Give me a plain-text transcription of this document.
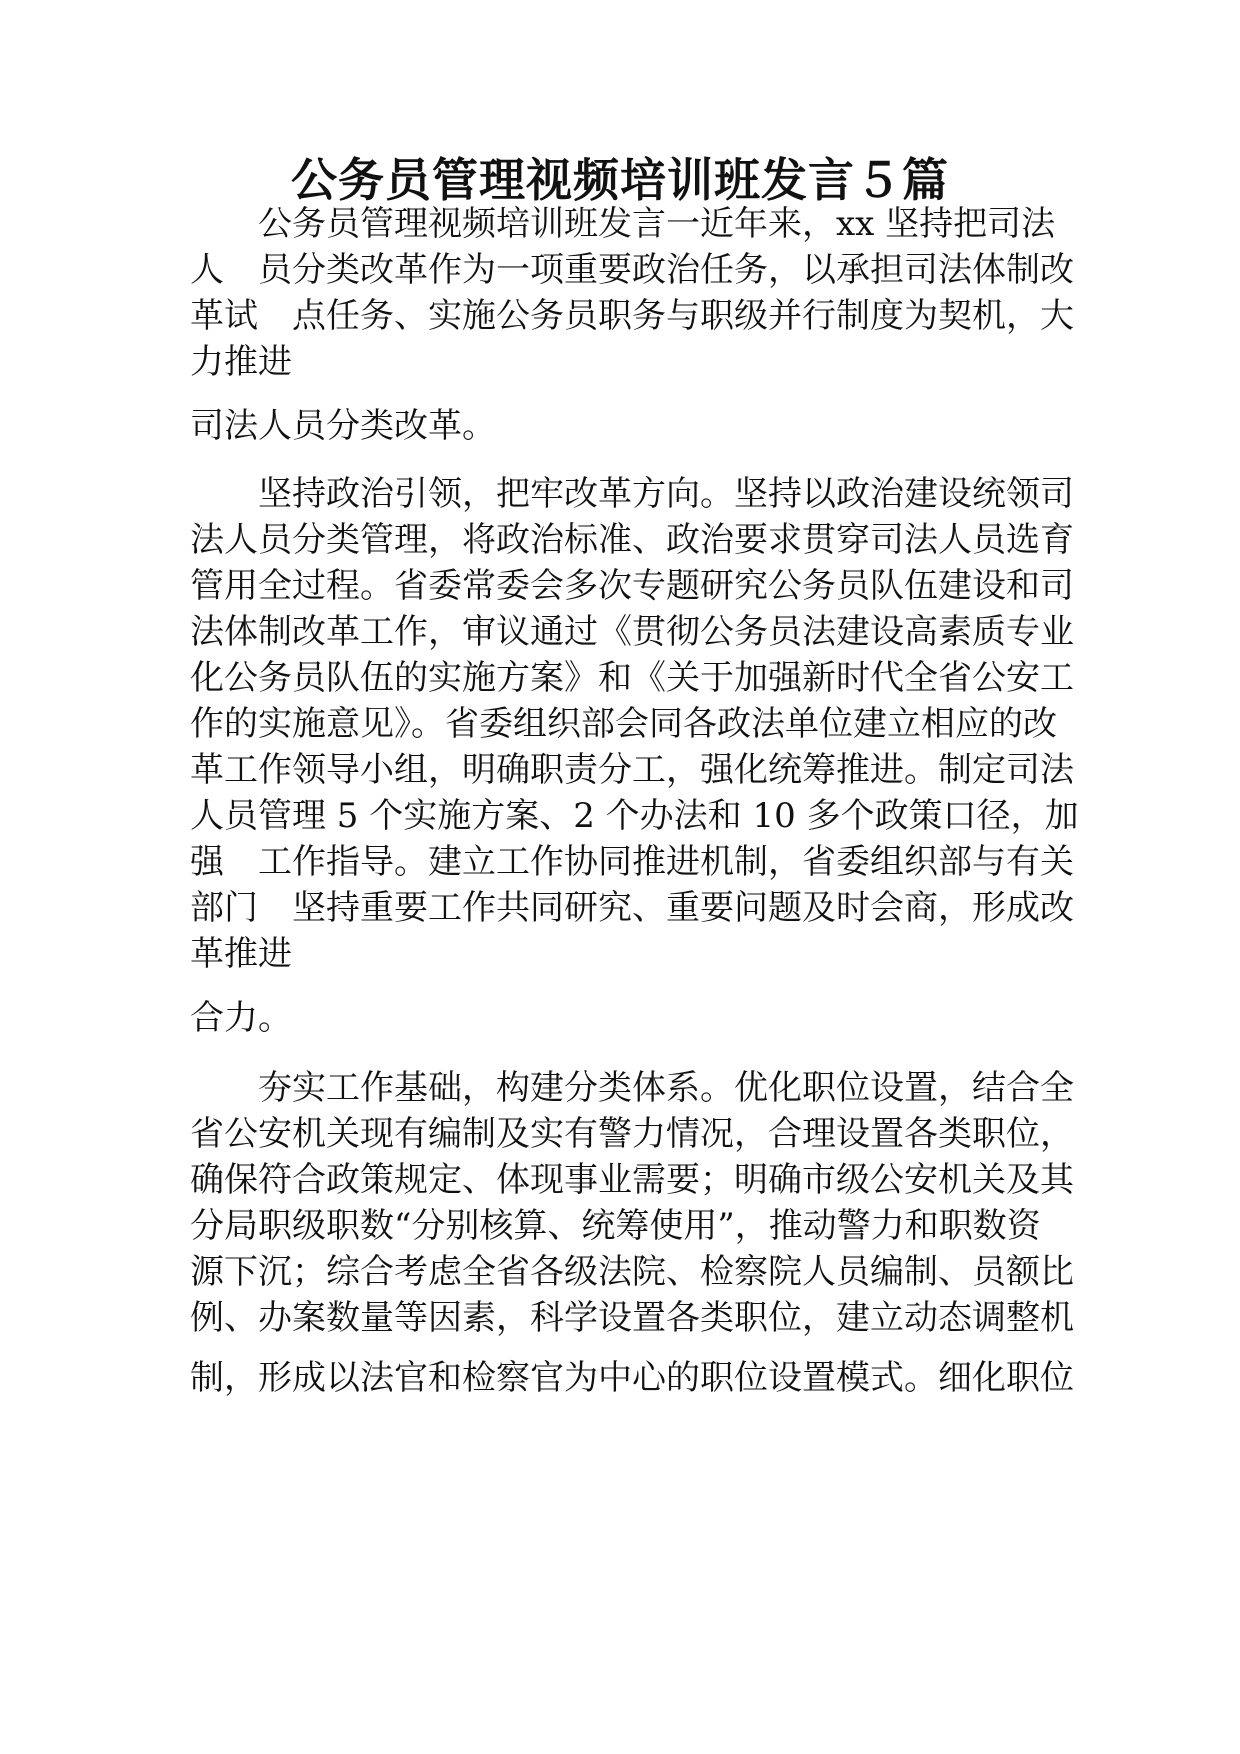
公务员管理视频培训班发言５篇

　　公务员管理视频培训班发言一近年来，xx 坚持把司法

人　员分类改革作为一项重要政治任务，以承担司法体制改

革试　点任务、实施公务员职务与职级并行制度为契机，大

力推进

司法人员分类改革。

　　坚持政治引领，把牢改革方向。坚持以政治建设统领司

法人员分类管理，将政治标准、政治要求贯穿司法人员选育

管用全过程。省委常委会多次专题研究公务员队伍建设和司

法体制改革工作，审议通过《贯彻公务员法建设高素质专业

化公务员队伍的实施方案》和《关于加强新时代全省公安工

作的实施意见》。省委组织部会同各政法单位建立相应的改

革工作领导小组，明确职责分工，强化统筹推进。制定司法

人员管理 5 个实施方案、2 个办法和 10 多个政策口径，加

强　工作指导。建立工作协同推进机制，省委组织部与有关

部门　坚持重要工作共同研究、重要问题及时会商，形成改

革推进

合力。

　　夯实工作基础，构建分类体系。优化职位设置，结合全

省公安机关现有编制及实有警力情况，合理设置各类职位，

确保符合政策规定、体现事业需要；明确市级公安机关及其

分局职级职数“分别核算、统筹使用”，推动警力和职数资

源下沉；综合考虑全省各级法院、检察院人员编制、员额比

例、办案数量等因素，科学设置各类职位，建立动态调整机

制，形成以法官和检察官为中心的职位设置模式。细化职位
